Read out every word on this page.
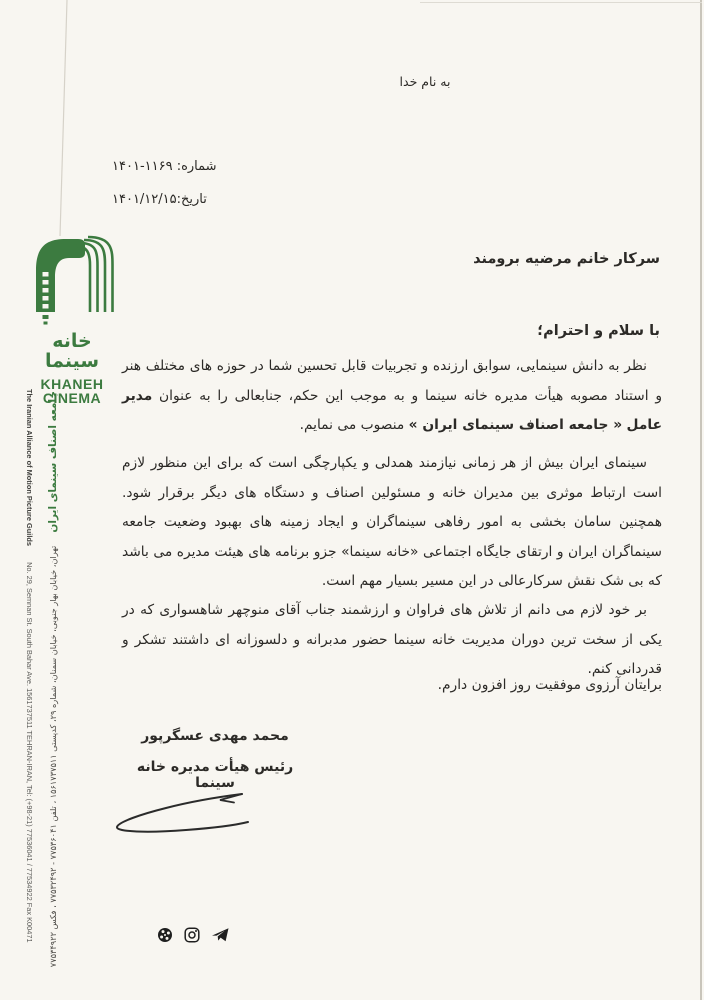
به نام خدا
شماره: ۱۱۶۹-۱۴۰۱
تاریخ:۱۴۰۱/۱۲/۱۵
خانه سینما
KHANEH
CINEMA
The Iranian Alliance of Motion Picture Guilds No. 29, Semnan St. South Bahar Ave. 1561737511 TEHRAN-IRAN, Tel: (+98-21) 77536041 / 77534922 Fax K00471
جامعه اصناف سینمای ایران تهران، خیابان بهار جنوبی، خیابان سمنان، شماره ۲۹، کدپستی ۱۵۶۱۷۳۷۵۱۱ ، تلفن ۷۷۵۳۶۰۴۱ - ۷۷۵۳۲۴۹۲ ، فکس ۷۷۵۳۴۹۲۲
سرکار خانم مرضیه برومند
با سلام و احترام؛
نظر به دانش سینمایی، سوابق ارزنده و تجربیات قابل تحسین شما در حوزه های مختلف هنر و استناد مصوبه هیأت مدیره خانه سینما و به موجب این حکم، جنابعالی را به عنوان مدیر عامل « جامعه اصناف سینمای ایران » منصوب می نمایم.
سینمای ایران بیش از هر زمانی نیازمند همدلی و یکپارچگی است که برای این منظور لازم است ارتباط موثری بین مدیران خانه و مسئولین اصناف و دستگاه های دیگر برقرار شود. همچنین سامان بخشی به امور رفاهی سینماگران و ایجاد زمینه های بهبود وضعیت جامعه سینماگران ایران و ارتقای جایگاه اجتماعی «خانه سینما» جزو برنامه های هیئت مدیره می باشد که بی شک نقش سرکارعالی در این مسیر بسیار مهم است.
بر خود لازم می دانم از تلاش های فراوان و ارزشمند جناب آقای منوچهر شاهسواری که در یکی از سخت ترین دوران مدیریت خانه سینما حضور مدبرانه و دلسوزانه ای داشتند تشکر و قدردانی کنم.
برایتان آرزوی موفقیت روز افزون دارم.
محمد مهدی عسگرپور
رئیس هیأت مدیره خانه سینما
